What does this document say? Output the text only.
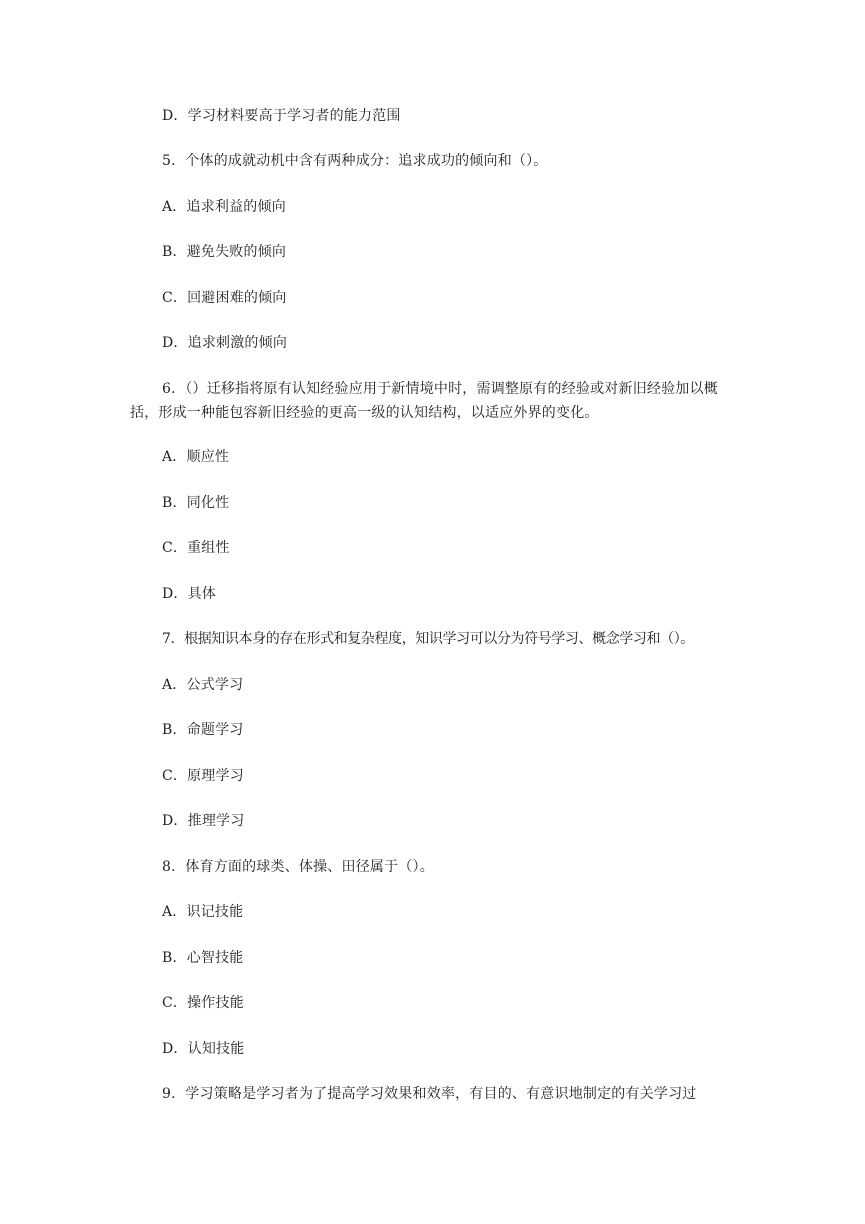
D．学习材料要高于学习者的能力范围
5．个体的成就动机中含有两种成分：追求成功的倾向和（）。
A．追求利益的倾向
B．避免失败的倾向
C．回避困难的倾向
D．追求刺激的倾向
6．（）迁移指将原有认知经验应用于新情境中时，需调整原有的经验或对新旧经验加以概括，形成一种能包容新旧经验的更高一级的认知结构，以适应外界的变化。
A．顺应性
B．同化性
C．重组性
D．具体
7．根据知识本身的存在形式和复杂程度，知识学习可以分为符号学习、概念学习和（）。
A．公式学习
B．命题学习
C．原理学习
D．推理学习
8．体育方面的球类、体操、田径属于（）。
A．识记技能
B．心智技能
C．操作技能
D．认知技能
9．学习策略是学习者为了提高学习效果和效率，有目的、有意识地制定的有关学习过
